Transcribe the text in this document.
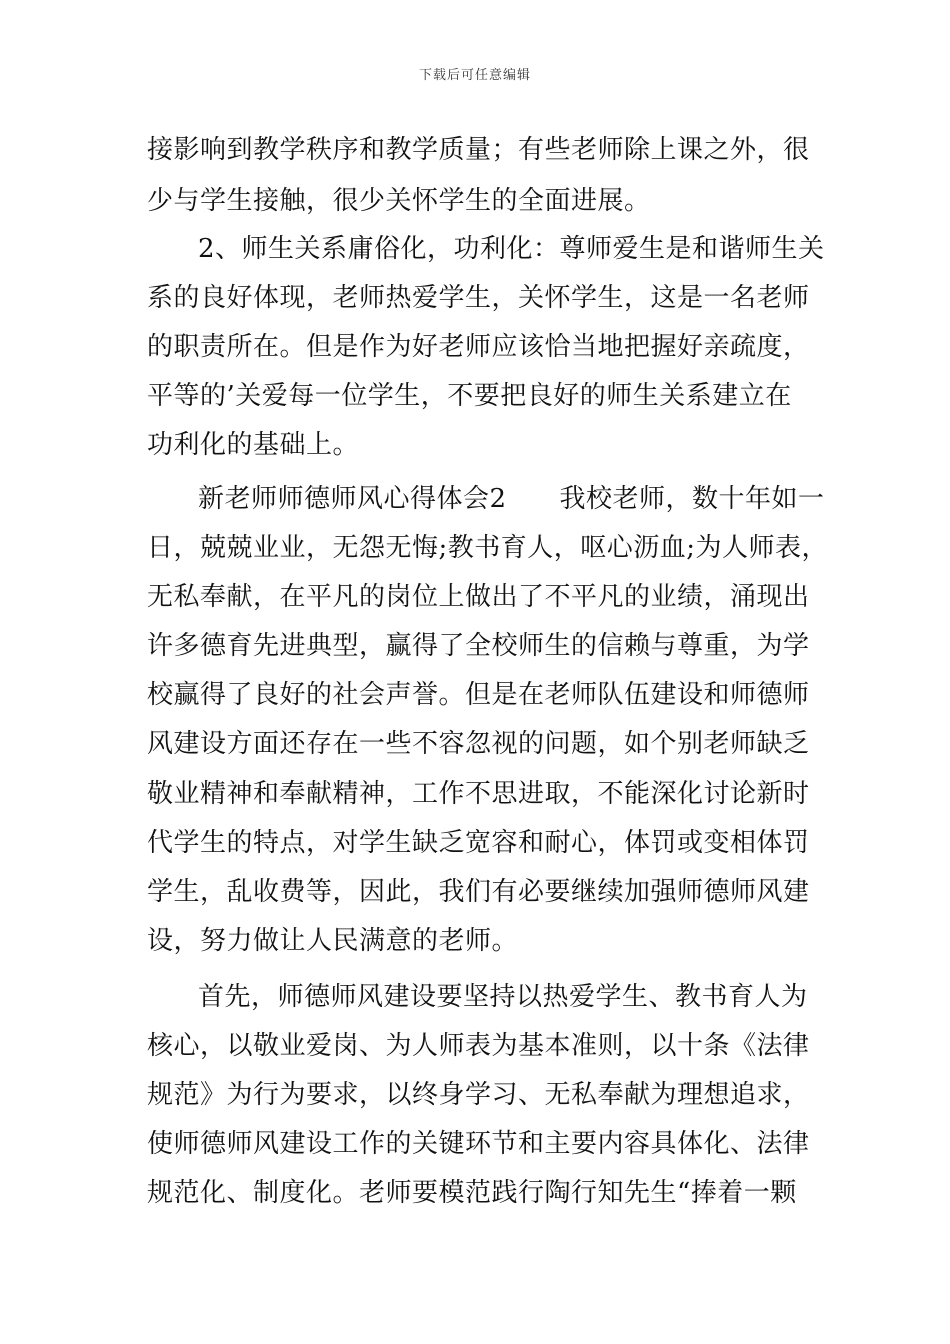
下载后可任意编辑
接影响到教学秩序和教学质量；有些老师除上课之外，很
少与学生接触，很少关怀学生的全面进展。
2、师生关系庸俗化，功利化：尊师爱生是和谐师生关
系的良好体现，老师热爱学生，关怀学生，这是一名老师
的职责所在。但是作为好老师应该恰当地把握好亲疏度，
平等的’关爱每一位学生，不要把良好的师生关系建立在
功利化的基础上。
新老师师德师风心得体会2　　我校老师，数十年如一
日，兢兢业业，无怨无悔;教书育人，呕心沥血;为人师表，
无私奉献，在平凡的岗位上做出了不平凡的业绩，涌现出
许多德育先进典型，赢得了全校师生的信赖与尊重，为学
校赢得了良好的社会声誉。但是在老师队伍建设和师德师
风建设方面还存在一些不容忽视的问题，如个别老师缺乏
敬业精神和奉献精神，工作不思进取，不能深化讨论新时
代学生的特点，对学生缺乏宽容和耐心，体罚或变相体罚
学生，乱收费等，因此，我们有必要继续加强师德师风建
设，努力做让人民满意的老师。
首先，师德师风建设要坚持以热爱学生、教书育人为
核心，以敬业爱岗、为人师表为基本准则，以十条《法律
规范》为行为要求，以终身学习、无私奉献为理想追求，
使师德师风建设工作的关键环节和主要内容具体化、法律
规范化、制度化。老师要模范践行陶行知先生“捧着一颗
